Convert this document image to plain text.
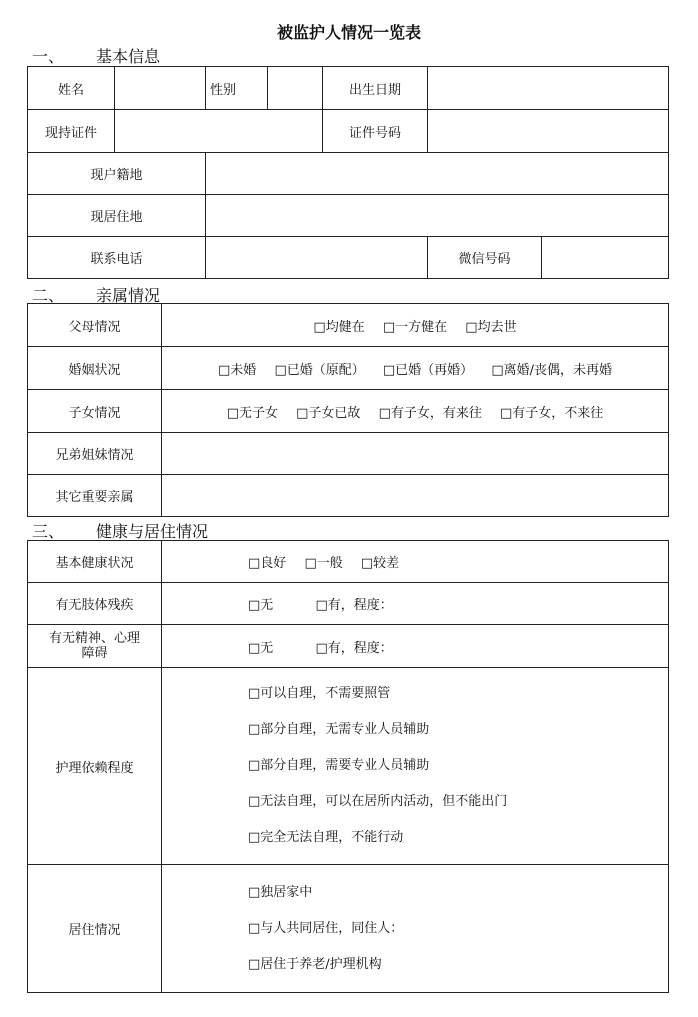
被监护人情况一览表
一、 基本信息
姓名		性别		出生日期		
现持证件				证件号码		
现户籍地						
现居住地						
联系电话					微信号码	
二、 亲属情况
父母情况	□均健在 □一方健在 □均去世
婚姻状况	□未婚 □已婚（原配） □已婚（再婚） □离婚/丧偶，未再婚
子女情况	□无子女 □子女已故 □有子女，有来往 □有子女，不来往
兄弟姐妹情况	
其它重要亲属	
三、 健康与居住情况
基本健康状况	□良好 □一般 □较差
有无肢体残疾	□无 □有，程度：

有无精神、心理
障碍	□无 □有，程度：
护理依赖程度	□可以自理，不需要照管
□部分自理，无需专业人员辅助
□部分自理，需要专业人员辅助
□无法自理，可以在居所内活动，但不能出门
□完全无法自理，不能行动

居住情况	□独居家中
□与人共同居住，同住人：
□居住于养老/护理机构
